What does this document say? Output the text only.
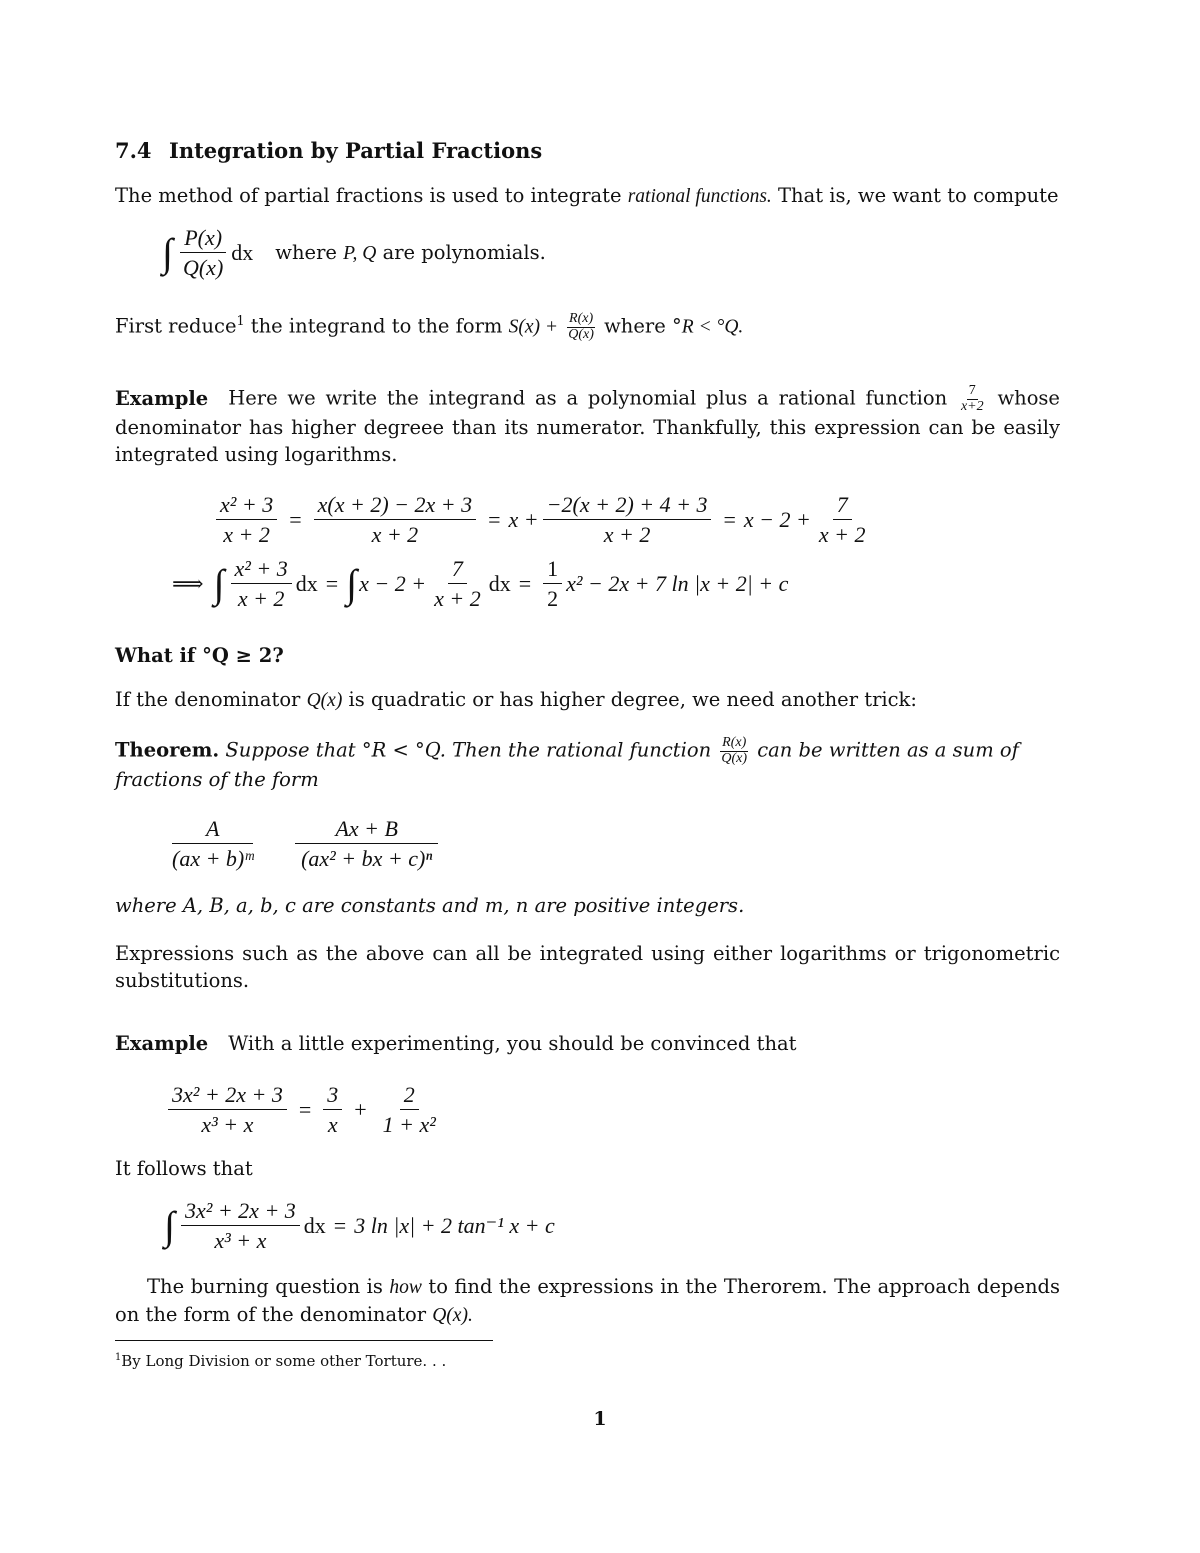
7.4 Integration by Partial Fractions
The method of partial fractions is used to integrate rational functions. That is, we want to compute
∫ $\frac{P(x)}{Q(x)}$ dx where P, Q are polynomials.
First reduce$^1$ the integrand to the form $S(x) + \frac{R(x)}{Q(x)}$ where °R < °Q.
Example Here we write the integrand as a polynomial plus a rational function $\frac{7}{x+2}$ whose denominator has higher degreee than its numerator. Thankfully, this expression can be easily integrated using logarithms.
$\frac{\text{x² + 3}}{x + 2} = \frac{x(x + 2) - 2x + 3}{x + 2} = x + \frac{-2(x + 2) + 4 + 3}{x + 2} = x - 2 + \frac{7}{x + 2}$
⟹ ∫ $\frac{\text{x² + 3}}{x + 2}$ dx = ∫ $x - 2 + \frac{7}{x + 2}$ dx = $\frac{1}{2} x^2 - 2x + 7$ ln |x + 2| + c
What if °Q ≥ 2?
If the denominator Q(x) is quadratic or has higher degree, we need another trick:
Theorem. Suppose that °R < °Q. Then the rational function $\frac{R(x)}{Q(x)}$ can be written as a sum of fractions of the form
$\frac{A}{\text{(ax + b)ᵐ}} \frac{Ax + B}{\text{(ax² + bx + c)ⁿ}}$
where A, B, a, b, c are constants and m, n are positive integers.
Expressions such as the above can all be integrated using either logarithms or trigonometric substitutions.
Example With a little experimenting, you should be convinced that
$\frac{\text{3x² + 2x + 3}}{\text{x³ + x}} = \frac{3}{x} + \frac{2}{\text{1 + x²}}$
It follows that
∫ $\frac{\text{3x² + 2x + 3}}{\text{x³ + x}}$ dx = 3 ln |x| + 2 tan⁻¹ x + c
The burning question is how to find the expressions in the Therorem. The approach depends on the form of the denominator Q(x).
$^1$By Long Division or some other Torture. . .
1
